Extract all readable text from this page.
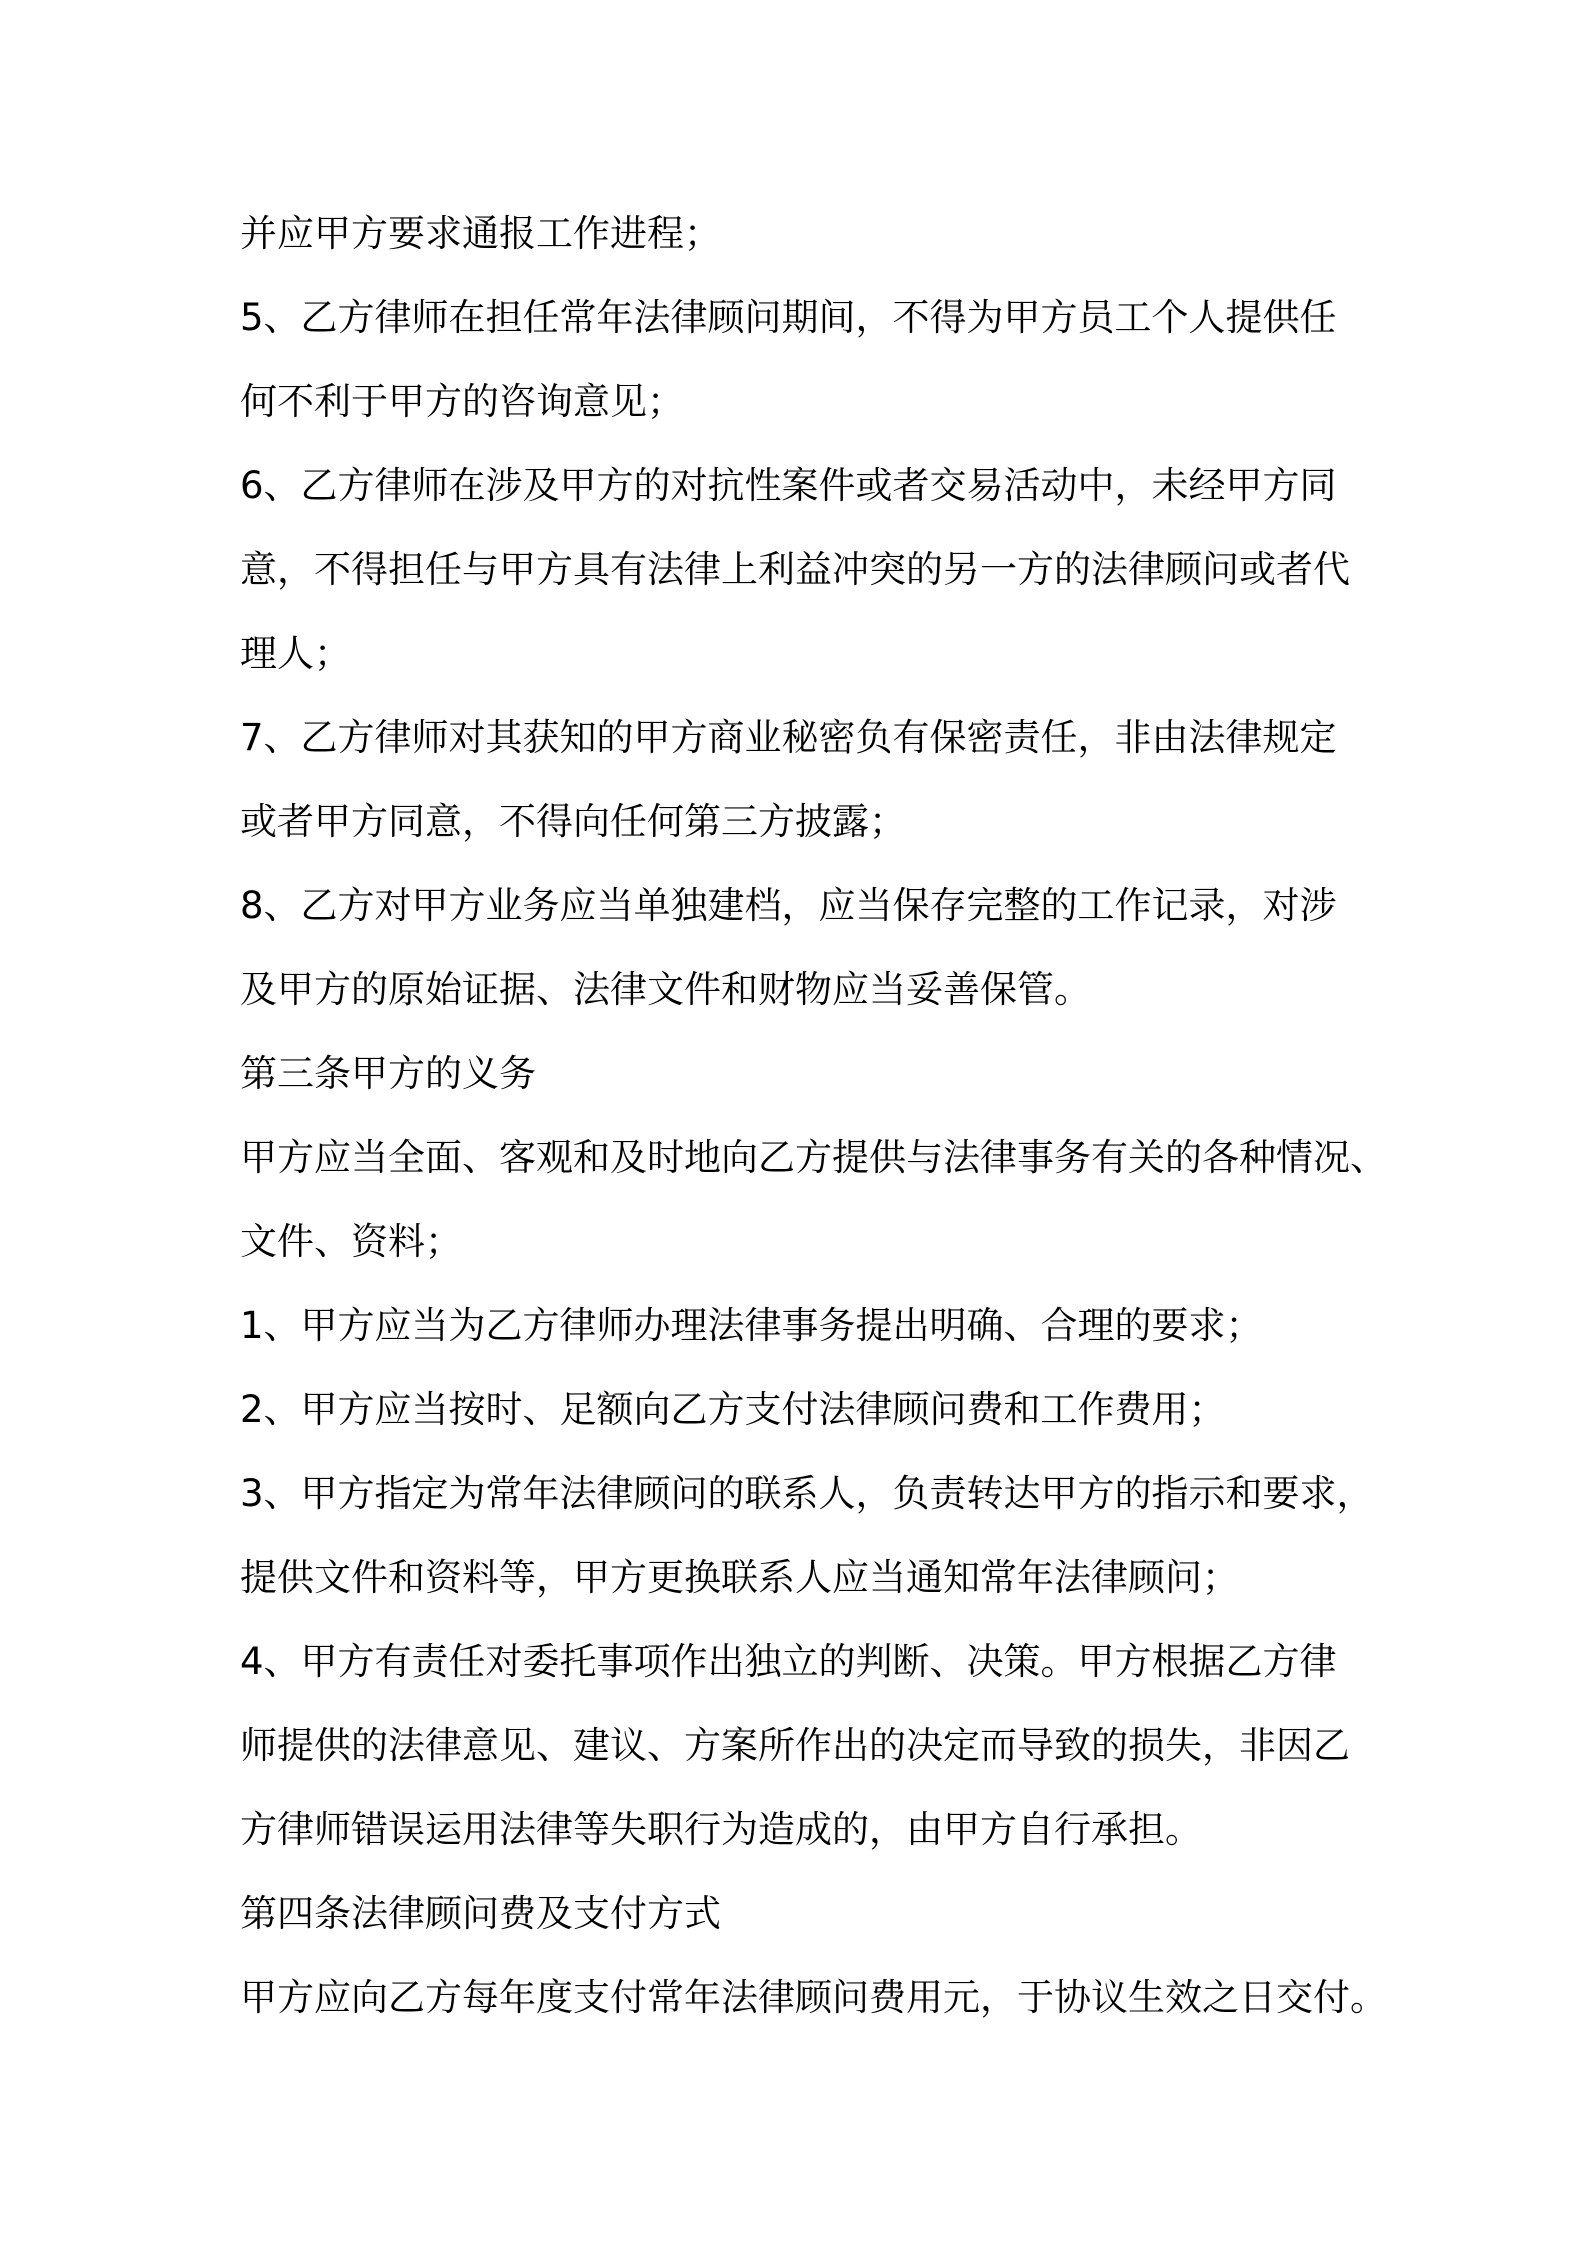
并应甲方要求通报工作进程；
5、乙方律师在担任常年法律顾问期间，不得为甲方员工个人提供任
何不利于甲方的咨询意见；
6、乙方律师在涉及甲方的对抗性案件或者交易活动中，未经甲方同
意，不得担任与甲方具有法律上利益冲突的另一方的法律顾问或者代
理人；
7、乙方律师对其获知的甲方商业秘密负有保密责任，非由法律规定
或者甲方同意，不得向任何第三方披露；
8、乙方对甲方业务应当单独建档，应当保存完整的工作记录，对涉
及甲方的原始证据、法律文件和财物应当妥善保管。
第三条甲方的义务
甲方应当全面、客观和及时地向乙方提供与法律事务有关的各种情况、
文件、资料；
1、甲方应当为乙方律师办理法律事务提出明确、合理的要求；
2、甲方应当按时、足额向乙方支付法律顾问费和工作费用；
3、甲方指定为常年法律顾问的联系人，负责转达甲方的指示和要求，
提供文件和资料等，甲方更换联系人应当通知常年法律顾问；
4、甲方有责任对委托事项作出独立的判断、决策。甲方根据乙方律
师提供的法律意见、建议、方案所作出的决定而导致的损失，非因乙
方律师错误运用法律等失职行为造成的，由甲方自行承担。
第四条法律顾问费及支付方式
甲方应向乙方每年度支付常年法律顾问费用元，于协议生效之日交付。
